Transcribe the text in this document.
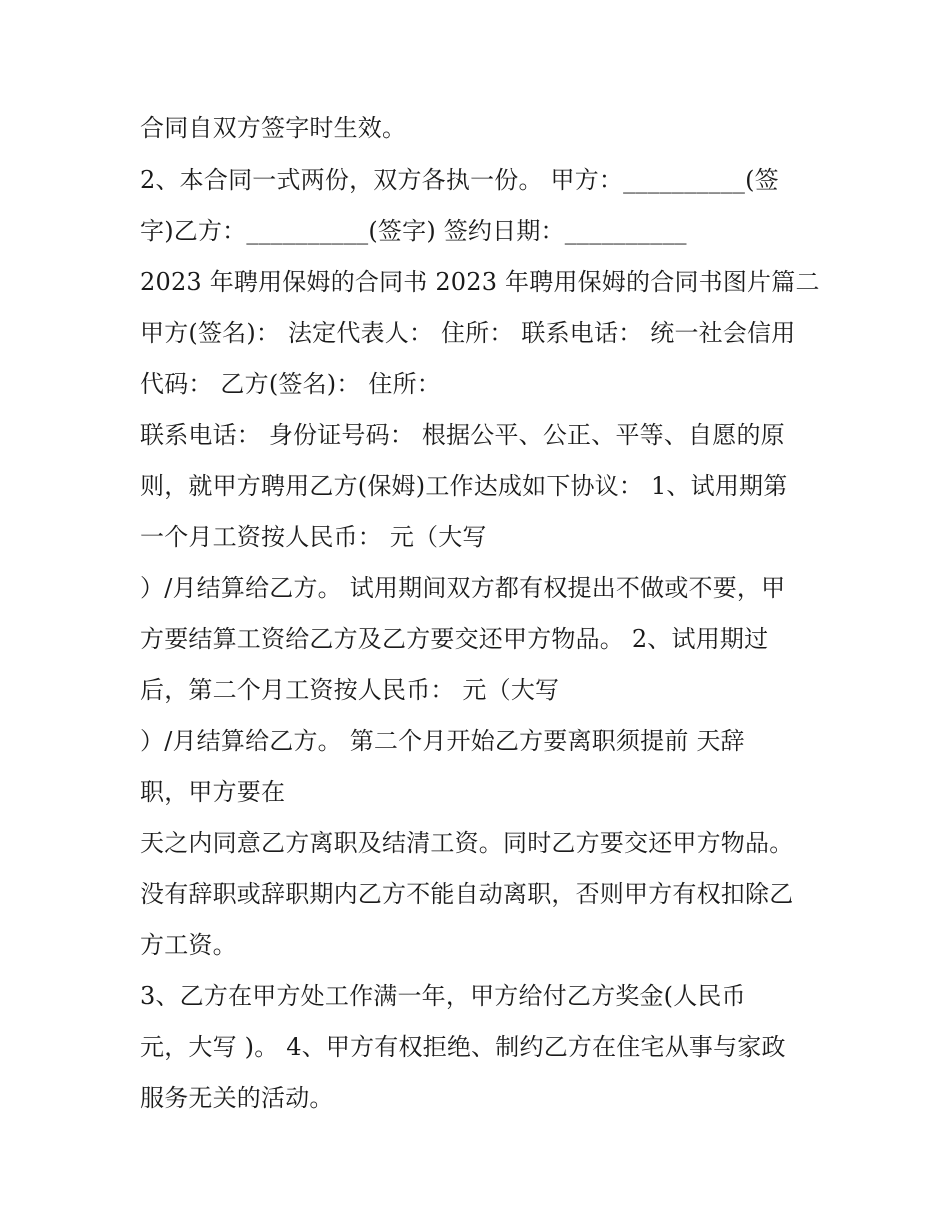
合同自双方签字时生效。
2、本合同一式两份，双方各执一份。 甲方：__________(签
字)乙方：__________(签字) 签约日期：__________
2023 年聘用保姆的合同书 2023 年聘用保姆的合同书图片篇二
甲方(签名)： 法定代表人： 住所： 联系电话： 统一社会信用
代码： 乙方(签名)： 住所：
联系电话： 身份证号码： 根据公平、公正、平等、自愿的原
则，就甲方聘用乙方(保姆)工作达成如下协议： 1、试用期第
一个月工资按人民币： 元（大写
）/月结算给乙方。 试用期间双方都有权提出不做或不要，甲
方要结算工资给乙方及乙方要交还甲方物品。 2、试用期过
后，第二个月工资按人民币： 元（大写
）/月结算给乙方。 第二个月开始乙方要离职须提前 天辞
职，甲方要在
天之内同意乙方离职及结清工资。同时乙方要交还甲方物品。
没有辞职或辞职期内乙方不能自动离职，否则甲方有权扣除乙
方工资。
3、乙方在甲方处工作满一年，甲方给付乙方奖金(人民币
元，大写 )。 4、甲方有权拒绝、制约乙方在住宅从事与家政
服务无关的活动。
